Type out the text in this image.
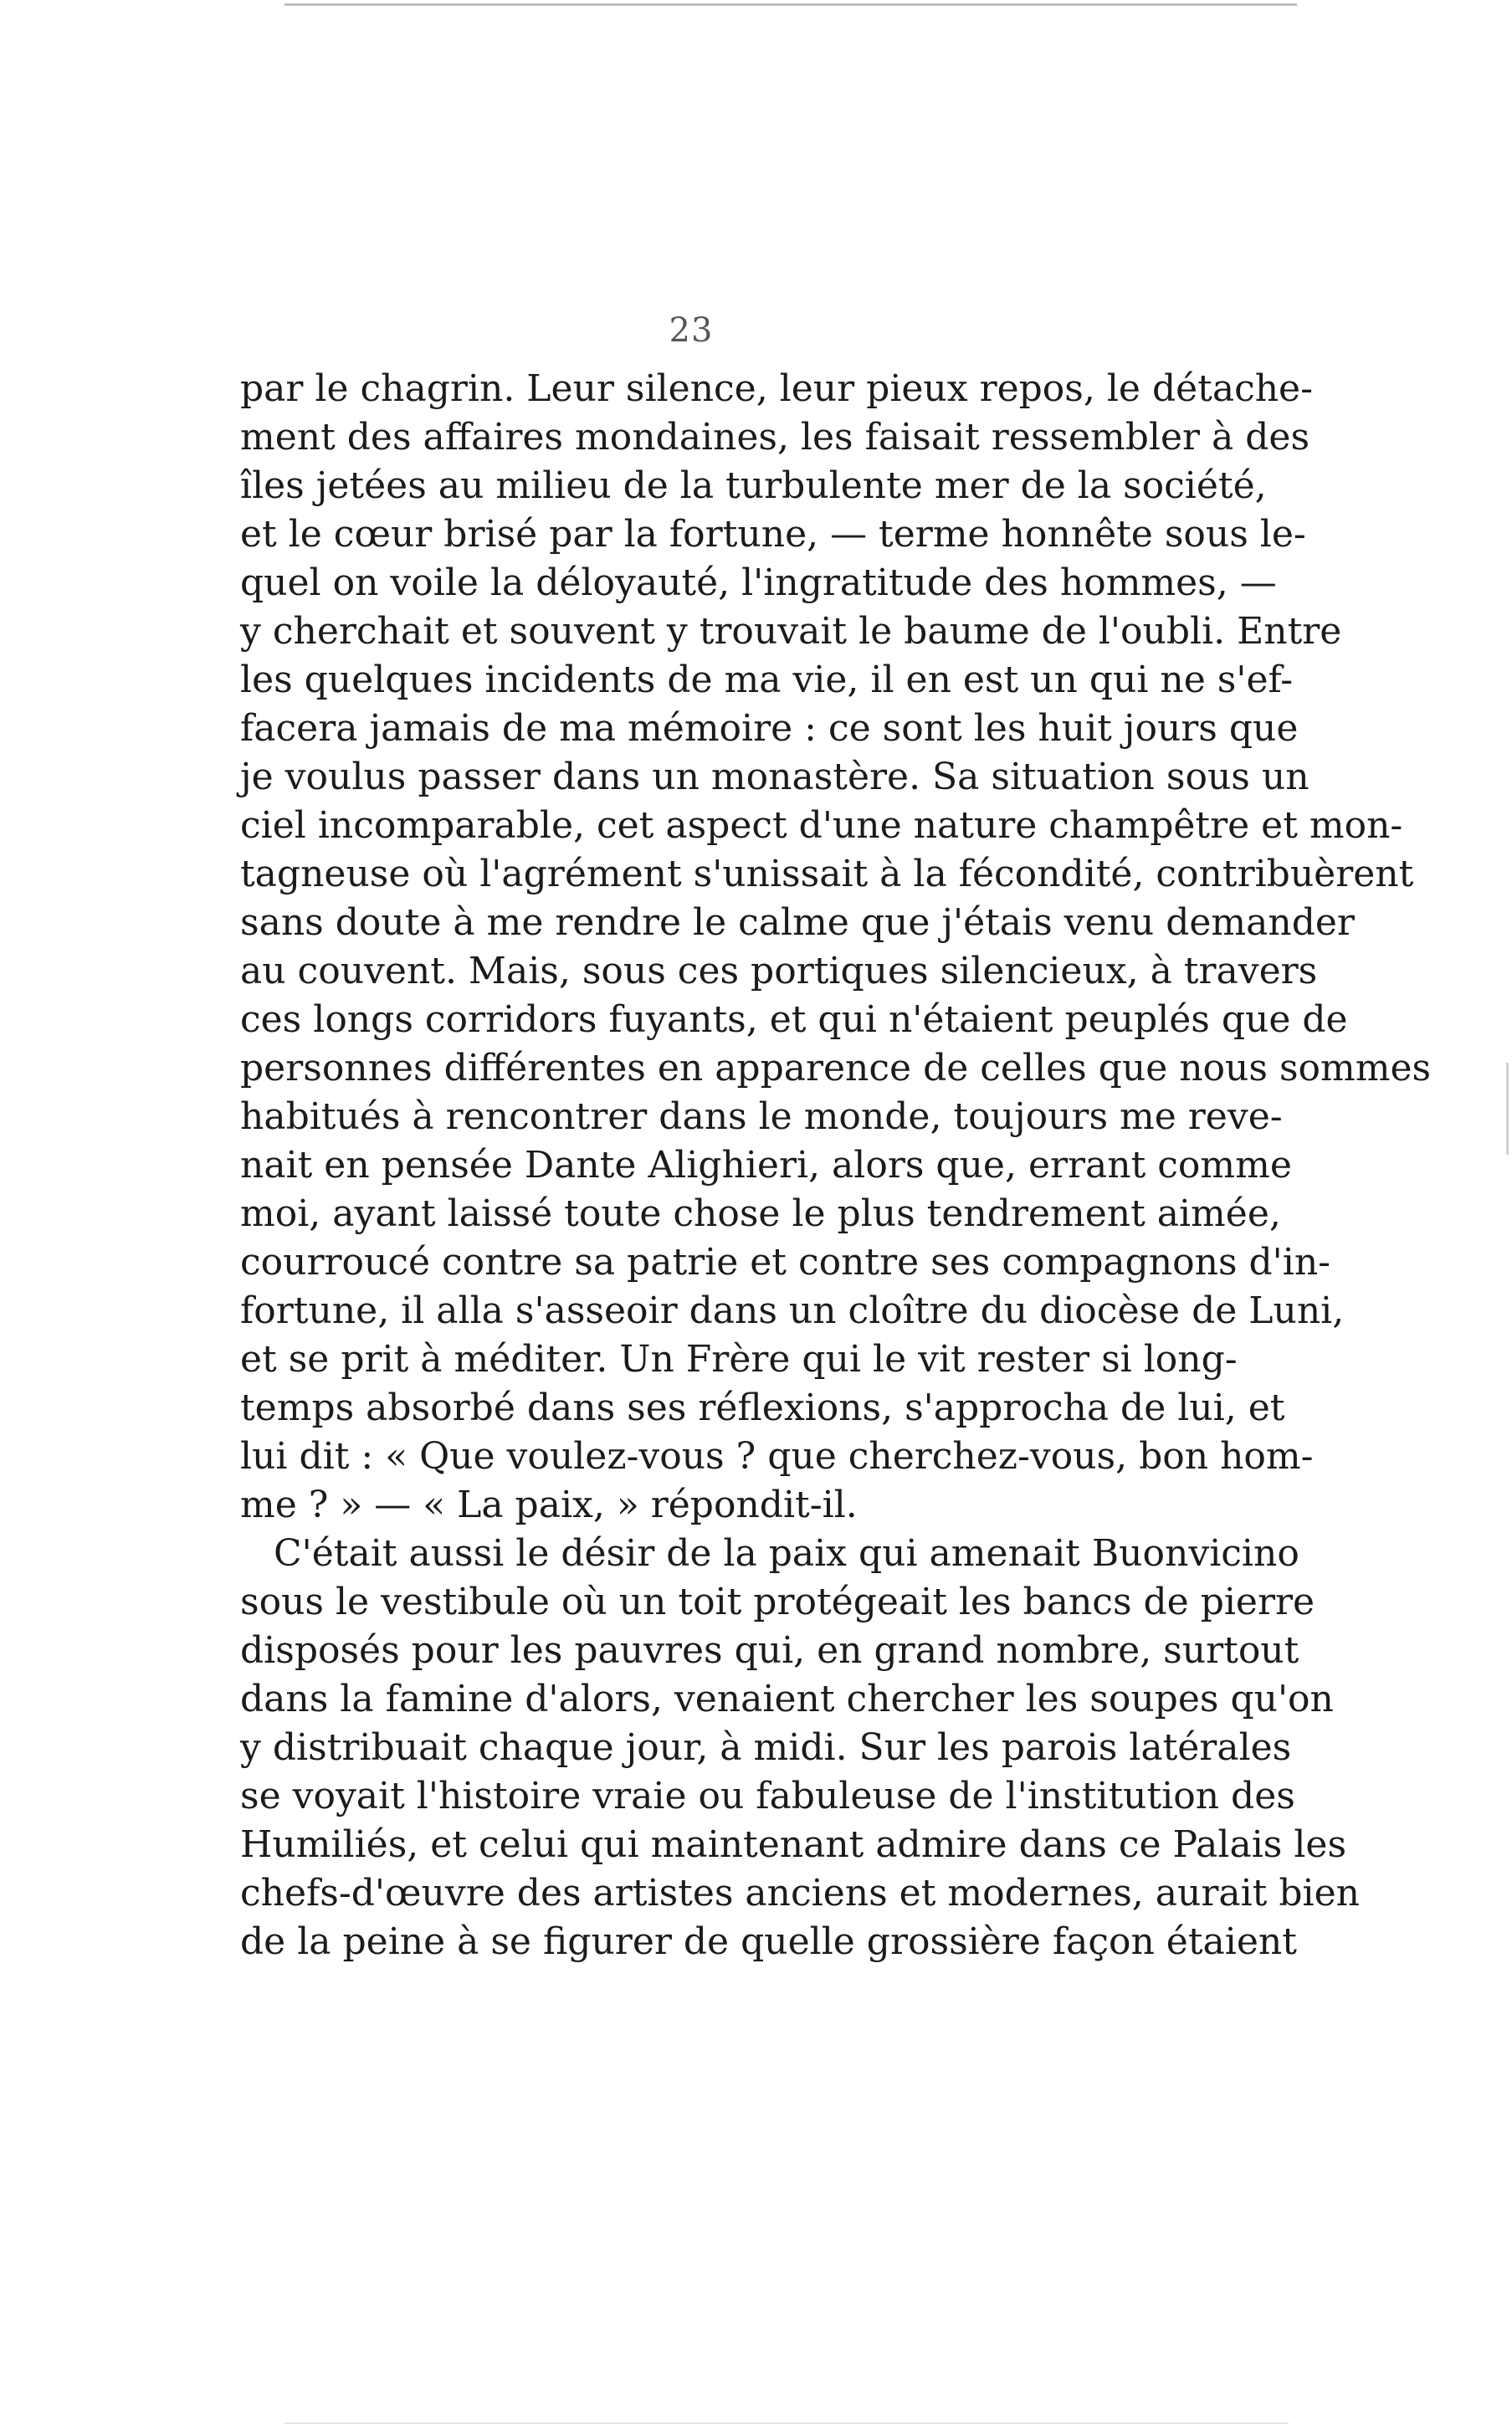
23
par le chagrin. Leur silence, leur pieux repos, le détache-
ment des affaires mondaines, les faisait ressembler à des
îles jetées au milieu de la turbulente mer de la société,
et le cœur brisé par la fortune, — terme honnête sous le-
quel on voile la déloyauté, l'ingratitude des hommes, —
y cherchait et souvent y trouvait le baume de l'oubli. Entre
les quelques incidents de ma vie, il en est un qui ne s'ef-
facera jamais de ma mémoire : ce sont les huit jours que
je voulus passer dans un monastère. Sa situation sous un
ciel incomparable, cet aspect d'une nature champêtre et mon-
tagneuse où l'agrément s'unissait à la fécondité, contribuèrent
sans doute à me rendre le calme que j'étais venu demander
au couvent. Mais, sous ces portiques silencieux, à travers
ces longs corridors fuyants, et qui n'étaient peuplés que de
personnes différentes en apparence de celles que nous sommes
habitués à rencontrer dans le monde, toujours me reve-
nait en pensée Dante Alighieri, alors que, errant comme
moi, ayant laissé toute chose le plus tendrement aimée,
courroucé contre sa patrie et contre ses compagnons d'in-
fortune, il alla s'asseoir dans un cloître du diocèse de Luni,
et se prit à méditer. Un Frère qui le vit rester si long-
temps absorbé dans ses réflexions, s'approcha de lui, et
lui dit : « Que voulez-vous ? que cherchez-vous, bon hom-
me ? » — « La paix, » répondit-il.
C'était aussi le désir de la paix qui amenait Buonvicino
sous le vestibule où un toit protégeait les bancs de pierre
disposés pour les pauvres qui, en grand nombre, surtout
dans la famine d'alors, venaient chercher les soupes qu'on
y distribuait chaque jour, à midi. Sur les parois latérales
se voyait l'histoire vraie ou fabuleuse de l'institution des
Humiliés, et celui qui maintenant admire dans ce Palais les
chefs-d'œuvre des artistes anciens et modernes, aurait bien
de la peine à se figurer de quelle grossière façon étaient
